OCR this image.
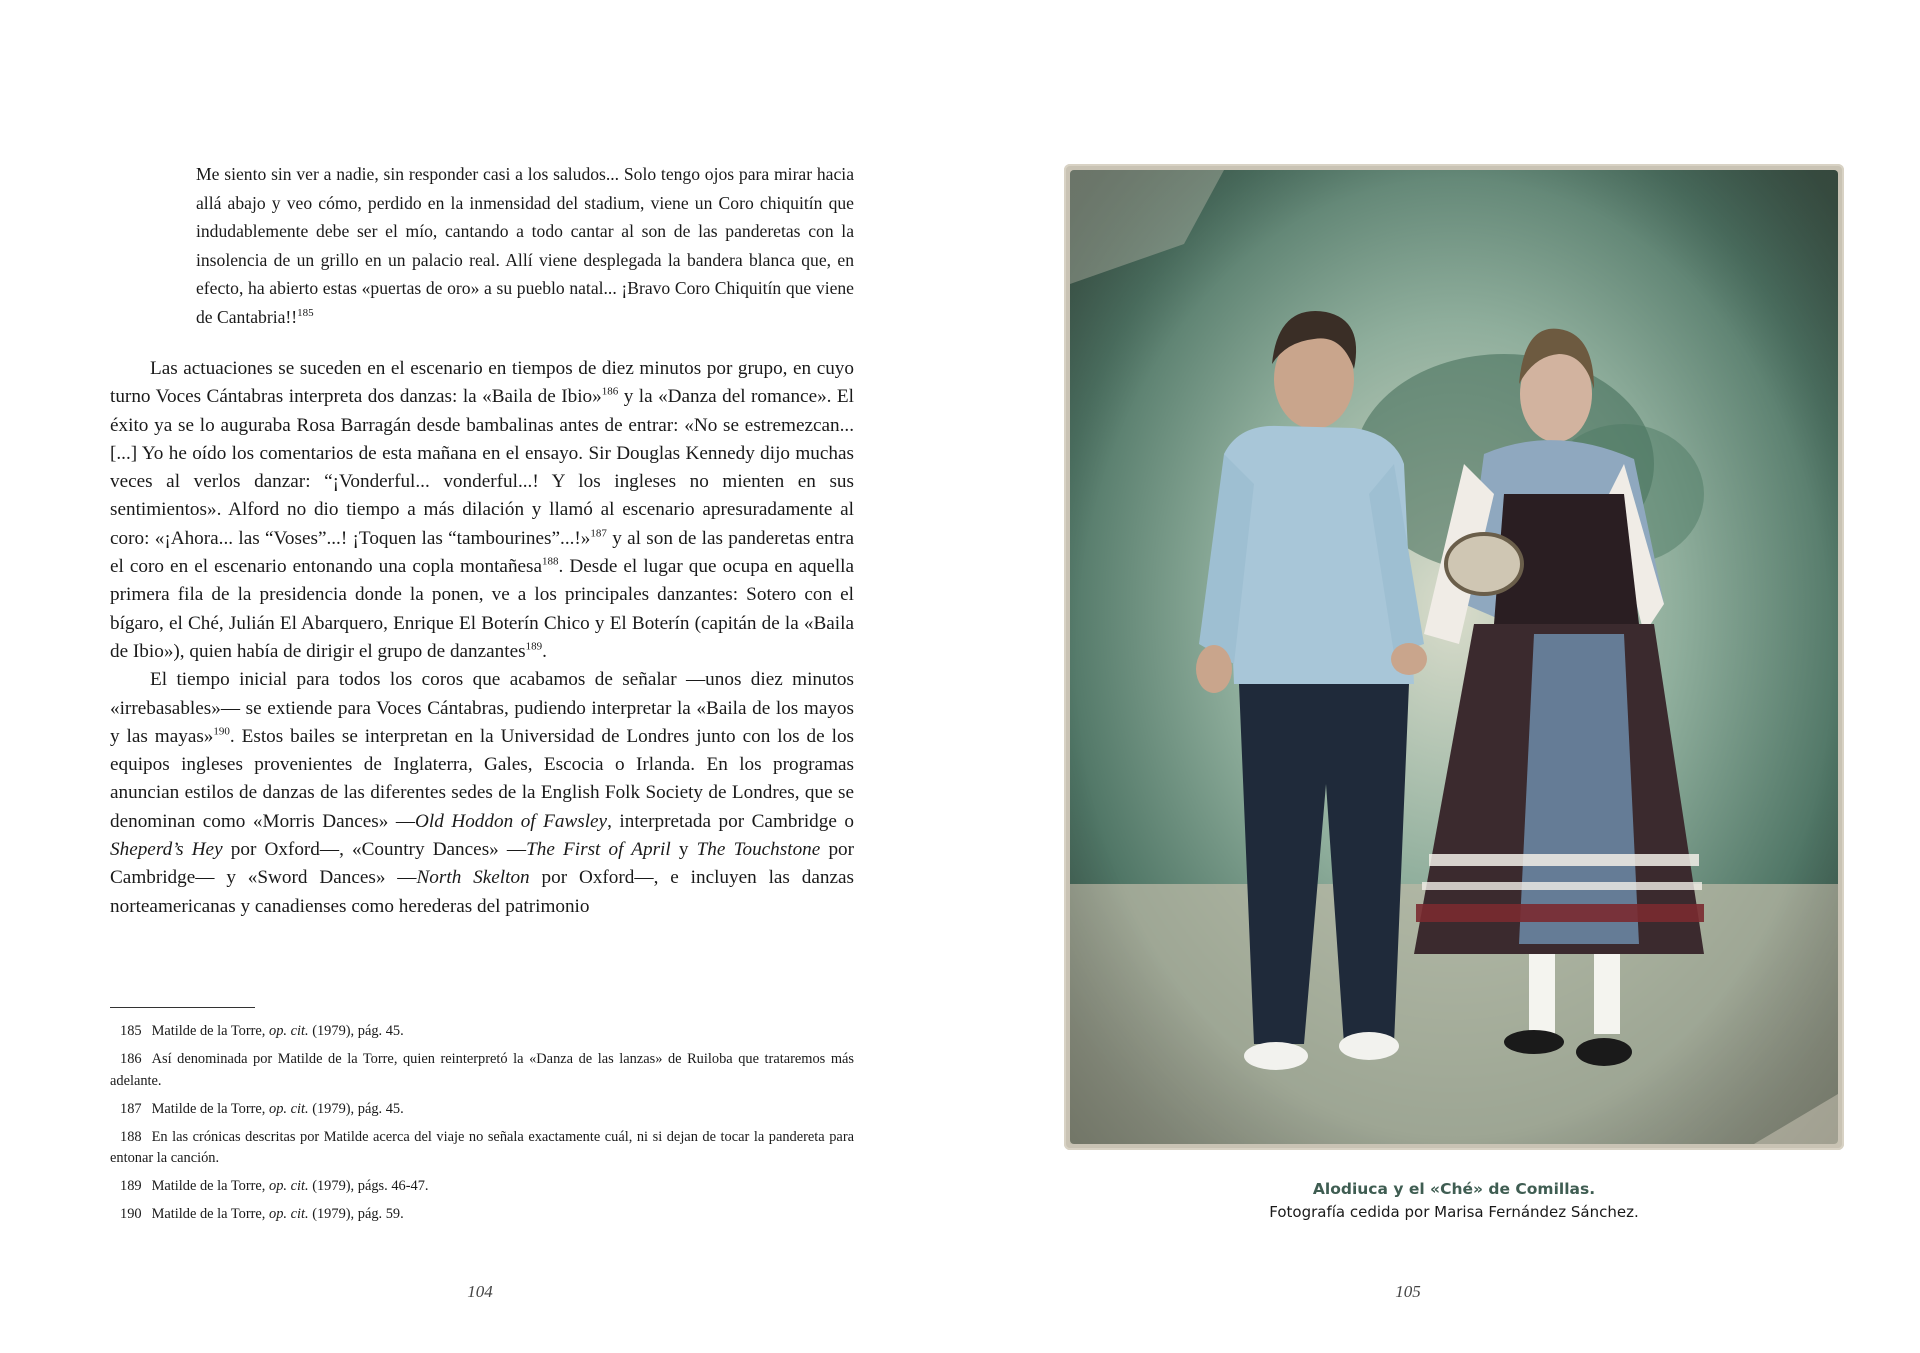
Me siento sin ver a nadie, sin responder casi a los saludos... Solo tengo ojos para mirar hacia allá abajo y veo cómo, perdido en la inmensidad del stadium, viene un Coro chiquitín que indudablemente debe ser el mío, cantando a todo cantar al son de las panderetas con la insolencia de un grillo en un palacio real. Allí viene desplegada la bandera blanca que, en efecto, ha abierto estas «puertas de oro» a su pueblo natal... ¡Bravo Coro Chiquitín que viene de Cantabria!!$^{185}$

Las actuaciones se suceden en el escenario en tiempos de diez minutos por grupo, en cuyo turno Voces Cántabras interpreta dos danzas: la «Baila de Ibio»$^{186}$ y la «Danza del romance». El éxito ya se lo auguraba Rosa Barragán desde bambalinas antes de entrar: «No se estremezcan... [...] Yo he oído los comentarios de esta mañana en el ensayo. Sir Douglas Kennedy dijo muchas veces al verlos danzar: “¡Vonderful... vonderful...! Y los ingleses no mienten en sus sentimientos». Alford no dio tiempo a más dilación y llamó al escenario apresuradamente al coro: «¡Ahora... las “Voses”...! ¡Toquen las “tambourines”...!»$^{187}$ y al son de las panderetas entra el coro en el escenario entonando una copla montañesa$^{188}$. Desde el lugar que ocupa en aquella primera fila de la presidencia donde la ponen, ve a los principales danzantes: Sotero con el bígaro, el Ché, Julián El Abarquero, Enrique El Boterín Chico y El Boterín (capitán de la «Baila de Ibio»), quien había de dirigir el grupo de danzantes$^{189}$.

El tiempo inicial para todos los coros que acabamos de señalar —unos diez minutos «irrebasables»— se extiende para Voces Cántabras, pudiendo interpretar la «Baila de los mayos y las mayas»$^{190}$. Estos bailes se interpretan en la Universidad de Londres junto con los de los equipos ingleses provenientes de Inglaterra, Gales, Escocia o Irlanda. En los programas anuncian estilos de danzas de las diferentes sedes de la English Folk Society de Londres, que se denominan como «Morris Dances» —Old Hoddon of Fawsley, interpretada por Cambridge o Sheperd’s Hey por Oxford—, «Country Dances» —The First of April y The Touchstone por Cambridge— y «Sword Dances» —North Skelton por Oxford—, e incluyen las danzas norteamericanas y canadienses como herederas del patrimonio

185 Matilde de la Torre, op. cit. (1979), pág. 45.

186 Así denominada por Matilde de la Torre, quien reinterpretó la «Danza de las lanzas» de Ruiloba que trataremos más adelante.

187 Matilde de la Torre, op. cit. (1979), pág. 45.

188 En las crónicas descritas por Matilde acerca del viaje no señala exactamente cuál, ni si dejan de tocar la pandereta para entonar la canción.

189 Matilde de la Torre, op. cit. (1979), págs. 46-47.

190 Matilde de la Torre, op. cit. (1979), pág. 59.

104
Alodiuca y el «Ché» de Comillas.
Fotografía cedida por Marisa Fernández Sánchez.
105
